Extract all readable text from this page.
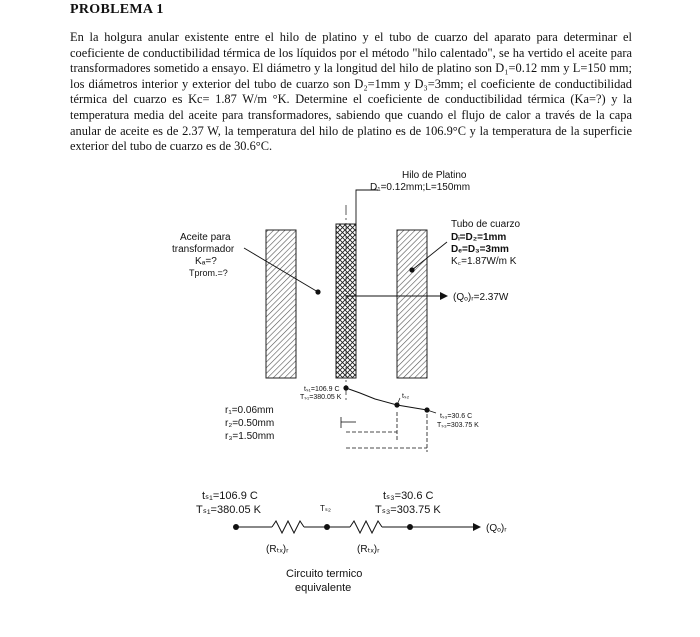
PROBLEMA 1
En la holgura anular existente entre el hilo de platino y el tubo de cuarzo del aparato para determinar el coeficiente de conductibilidad térmica de los líquidos por el método "hilo calentado", se ha vertido el aceite para transformadores sometido a ensayo. El diámetro y la longitud del hilo de platino son D₁=0.12 mm y L=150 mm; los diámetros interior y exterior del tubo de cuarzo son D₂=1mm y D₃=3mm; el coeficiente de conductibilidad térmica del cuarzo es Kc= 1.87 W/m °K. Determine el coeficiente de conductibilidad térmica (Ka=?) y la temperatura media del aceite para transformadores, sabiendo que cuando el flujo de calor a través de la capa anular de aceite es de 2.37 W, la temperatura del hilo de platino es de 106.9°C y la temperatura de la superficie exterior del tubo de cuarzo es de 30.6°C.
Hilo de Platino
D₁=0.12mm;L=150mm
Tubo de cuarzo
Dᵢ=D₂=1mm
Dₑ=D₃=3mm
K꜀=1.87W/m K
Aceite para
transformador
Kₐ=?
Tprom.=?
(Qₒ)ᵣ=2.37W
tₛ₁=106.9 C
Tₛ₁=380.05 K	tₛ₂
tₛ₃=30.6 C
Tₛ₃=303.75 K
r₁=0.06mm
r₂=0.50mm
r₃=1.50mm
tₛ₁=106.9 C
Tₛ₁=380.05 K	Tₛ₂
tₛ₃=30.6 C
Tₛ₃=303.75 K
(Qₒ)ᵣ
(Rₜₓ)ᵣ	(Rₜₓ)ᵣ
Circuito termico
equivalente
